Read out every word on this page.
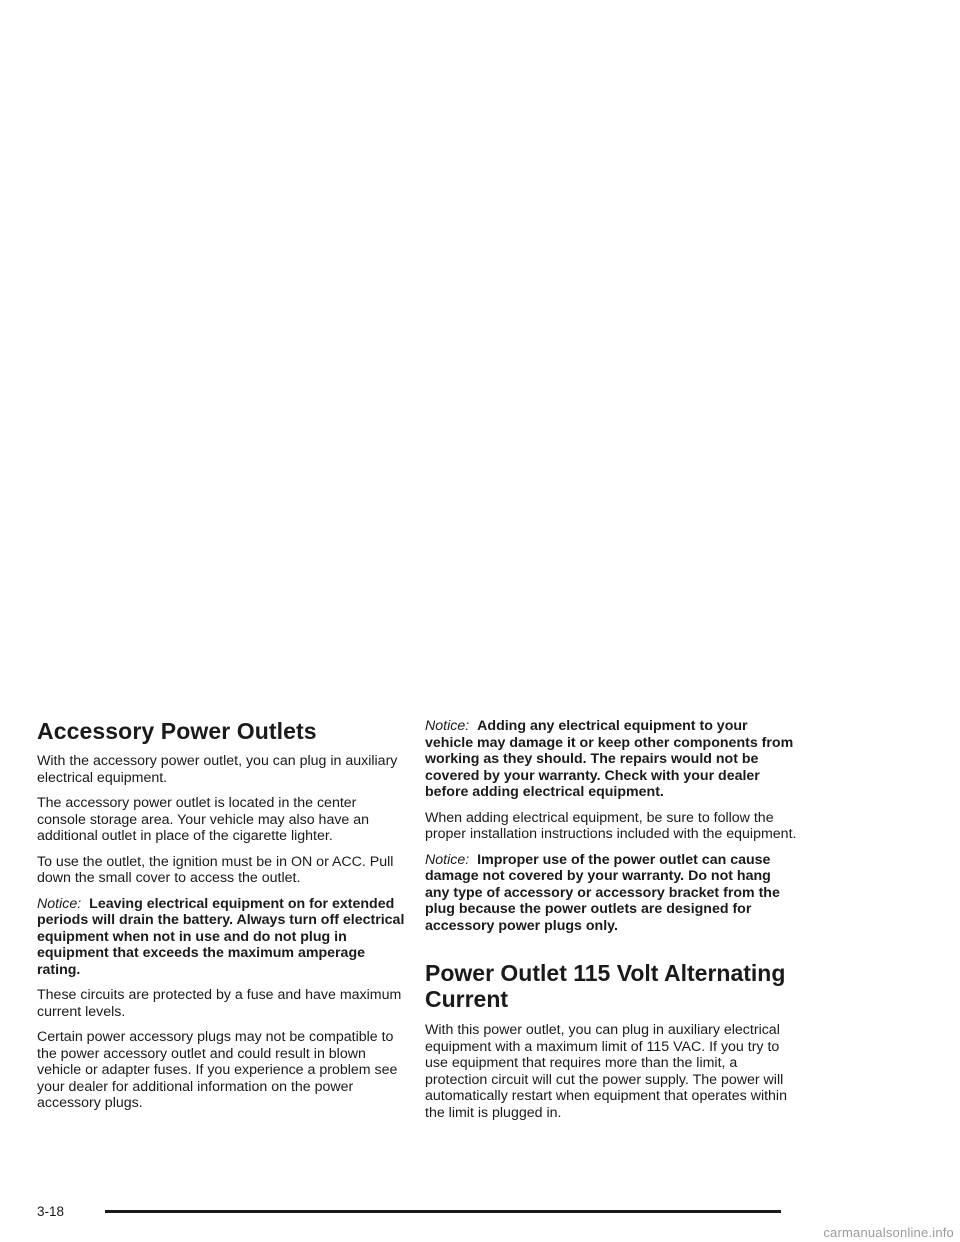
Accessory Power Outlets

With the accessory power outlet, you can plug in auxiliary electrical equipment.

The accessory power outlet is located in the center console storage area. Your vehicle may also have an additional outlet in place of the cigarette lighter.

To use the outlet, the ignition must be in ON or ACC. Pull down the small cover to access the outlet.

Notice: Leaving electrical equipment on for extended periods will drain the battery. Always turn off electrical equipment when not in use and do not plug in equipment that exceeds the maximum amperage rating.

These circuits are protected by a fuse and have maximum current levels.

Certain power accessory plugs may not be compatible to the power accessory outlet and could result in blown vehicle or adapter fuses. If you experience a problem see your dealer for additional information on the power accessory plugs.

Notice: Adding any electrical equipment to your vehicle may damage it or keep other components from working as they should. The repairs would not be covered by your warranty. Check with your dealer before adding electrical equipment.

When adding electrical equipment, be sure to follow the proper installation instructions included with the equipment.

Notice: Improper use of the power outlet can cause damage not covered by your warranty. Do not hang any type of accessory or accessory bracket from the plug because the power outlets are designed for accessory power plugs only.

Power Outlet 115 Volt Alternating Current

With this power outlet, you can plug in auxiliary electrical equipment with a maximum limit of 115 VAC. If you try to use equipment that requires more than the limit, a protection circuit will cut the power supply. The power will automatically restart when equipment that operates within the limit is plugged in.

3-18
carmanualsonline.info
